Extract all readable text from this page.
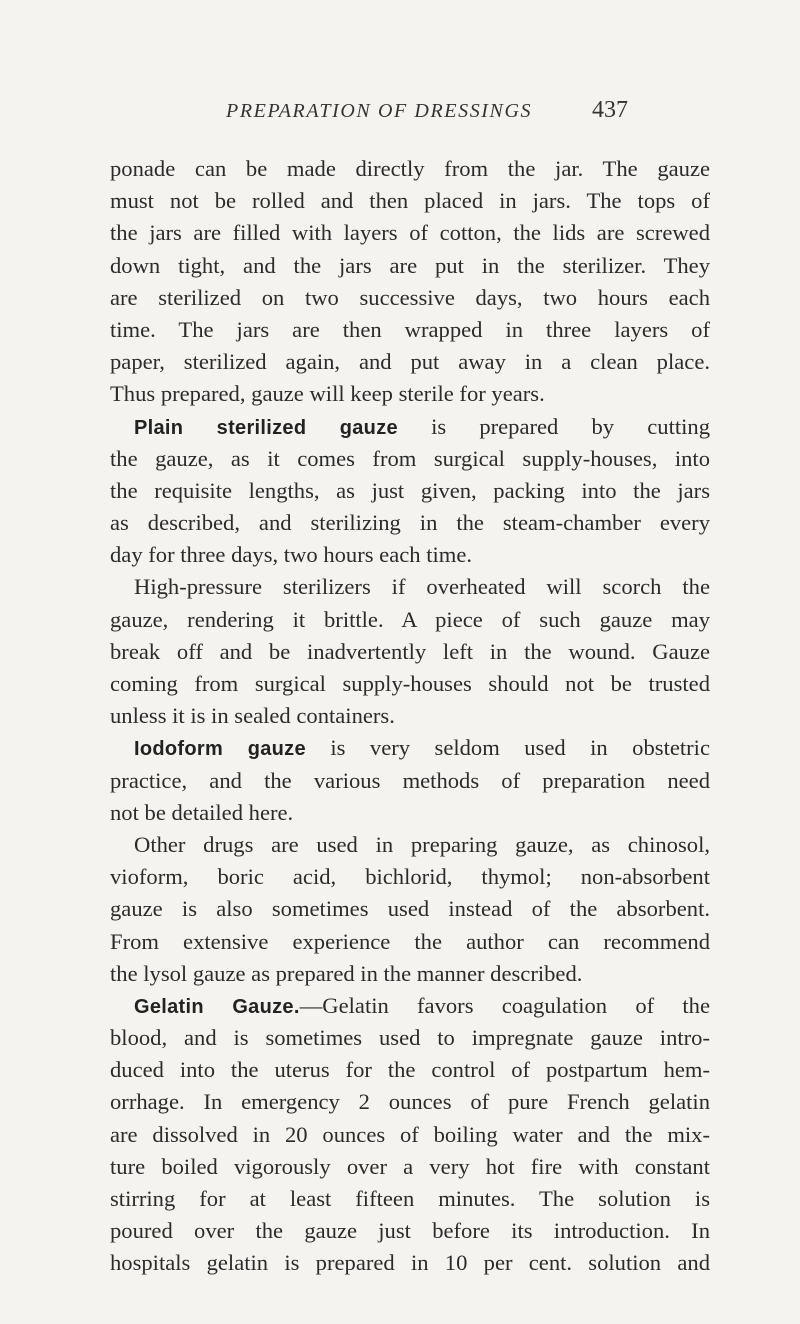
PREPARATION OF DRESSINGS	437
ponade can be made directly from the jar. The gauze
must not be rolled and then placed in jars. The tops of
the jars are filled with layers of cotton, the lids are screwed
down tight, and the jars are put in the sterilizer. They
are sterilized on two successive days, two hours each
time. The jars are then wrapped in three layers of
paper, sterilized again, and put away in a clean place.
Thus prepared, gauze will keep sterile for years.
Plain sterilized gauze is prepared by cutting
the gauze, as it comes from surgical supply-houses, into
the requisite lengths, as just given, packing into the jars
as described, and sterilizing in the steam-chamber every
day for three days, two hours each time.
High-pressure sterilizers if overheated will scorch the
gauze, rendering it brittle. A piece of such gauze may
break off and be inadvertently left in the wound. Gauze
coming from surgical supply-houses should not be trusted
unless it is in sealed containers.
Iodoform gauze is very seldom used in obstetric
practice, and the various methods of preparation need
not be detailed here.
Other drugs are used in preparing gauze, as chinosol,
vioform, boric acid, bichlorid, thymol; non-absorbent
gauze is also sometimes used instead of the absorbent.
From extensive experience the author can recommend
the lysol gauze as prepared in the manner described.
Gelatin Gauze.—Gelatin favors coagulation of the
blood, and is sometimes used to impregnate gauze intro-
duced into the uterus for the control of postpartum hem-
orrhage. In emergency 2 ounces of pure French gelatin
are dissolved in 20 ounces of boiling water and the mix-
ture boiled vigorously over a very hot fire with constant
stirring for at least fifteen minutes. The solution is
poured over the gauze just before its introduction. In
hospitals gelatin is prepared in 10 per cent. solution and
